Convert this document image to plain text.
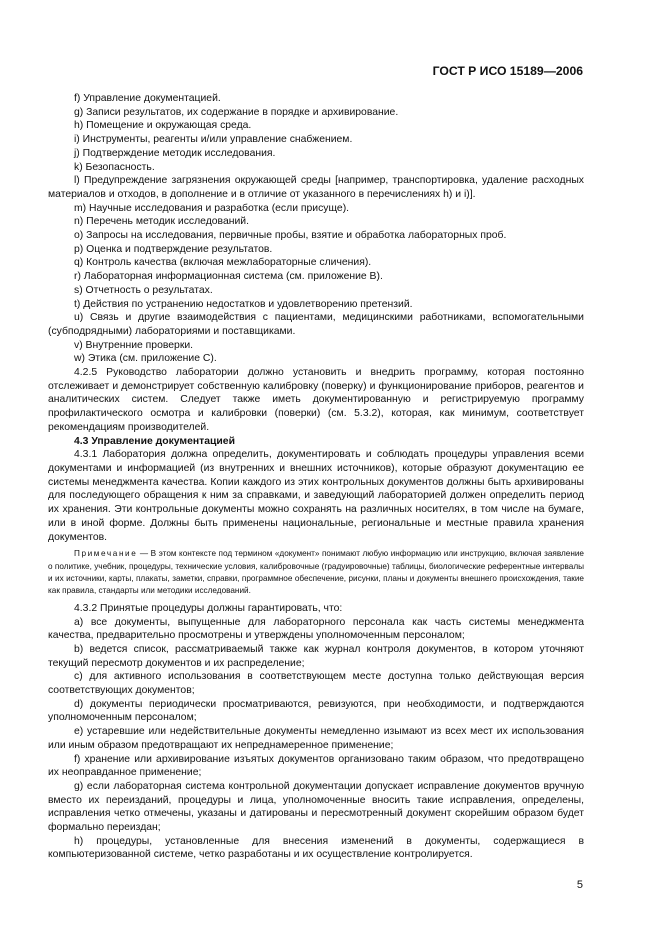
ГОСТ Р ИСО 15189—2006

f) Управление документацией.

g) Записи результатов, их содержание в порядке и архивирование.

h) Помещение и окружающая среда.

i) Инструменты, реагенты и/или управление снабжением.

j) Подтверждение методик исследования.

k) Безопасность.

l) Предупреждение загрязнения окружающей среды [например, транспортировка, удаление расходных материалов и отходов, в дополнение и в отличие от указанного в перечислениях h) и i)].

m) Научные исследования и разработка (если присуще).

n) Перечень методик исследований.

o) Запросы на исследования, первичные пробы, взятие и обработка лабораторных проб.

p) Оценка и подтверждение результатов.

q) Контроль качества (включая межлабораторные сличения).

r) Лабораторная информационная система (см. приложение B).

s) Отчетность о результатах.

t) Действия по устранению недостатков и удовлетворению претензий.

u) Связь и другие взаимодействия с пациентами, медицинскими работниками, вспомогательными (субподрядными) лабораториями и поставщиками.

v) Внутренние проверки.

w) Этика (см. приложение C).

4.2.5 Руководство лаборатории должно установить и внедрить программу, которая постоянно отслеживает и демонстрирует собственную калибровку (поверку) и функционирование приборов, реагентов и аналитических систем. Следует также иметь документированную и регистрируемую программу профилактического осмотра и калибровки (поверки) (см. 5.3.2), которая, как минимум, соответствует рекомендациям производителей.

4.3 Управление документацией

4.3.1 Лаборатория должна определить, документировать и соблюдать процедуры управления всеми документами и информацией (из внутренних и внешних источников), которые образуют документацию ее системы менеджмента качества. Копии каждого из этих контрольных документов должны быть архивированы для последующего обращения к ним за справками, и заведующий лабораторией должен определить период их хранения. Эти контрольные документы можно сохранять на различных носителях, в том числе на бумаге, или в иной форме. Должны быть применены национальные, региональные и местные правила хранения документов.

Примечание — В этом контексте под термином «документ» понимают любую информацию или инструкцию, включая заявление о политике, учебник, процедуры, технические условия, калибровочные (градуировочные) таблицы, биологические референтные интервалы и их источники, карты, плакаты, заметки, справки, программное обеспечение, рисунки, планы и документы внешнего происхождения, такие как правила, стандарты или методики исследований.

4.3.2 Принятые процедуры должны гарантировать, что:

a) все документы, выпущенные для лабораторного персонала как часть системы менеджмента качества, предварительно просмотрены и утверждены уполномоченным персоналом;

b) ведется список, рассматриваемый также как журнал контроля документов, в котором уточняют текущий пересмотр документов и их распределение;

c) для активного использования в соответствующем месте доступна только действующая версия соответствующих документов;

d) документы периодически просматриваются, ревизуются, при необходимости, и подтверждаются уполномоченным персоналом;

e) устаревшие или недействительные документы немедленно изымают из всех мест их использования или иным образом предотвращают их непреднамеренное применение;

f) хранение или архивирование изъятых документов организовано таким образом, что предотвращено их неоправданное применение;

g) если лабораторная система контрольной документации допускает исправление документов вручную вместо их переизданий, процедуры и лица, уполномоченные вносить такие исправления, определены, исправления четко отмечены, указаны и датированы и пересмотренный документ скорейшим образом будет формально переиздан;

h) процедуры, установленные для внесения изменений в документы, содержащиеся в компьютеризованной системе, четко разработаны и их осуществление контролируется.

5
